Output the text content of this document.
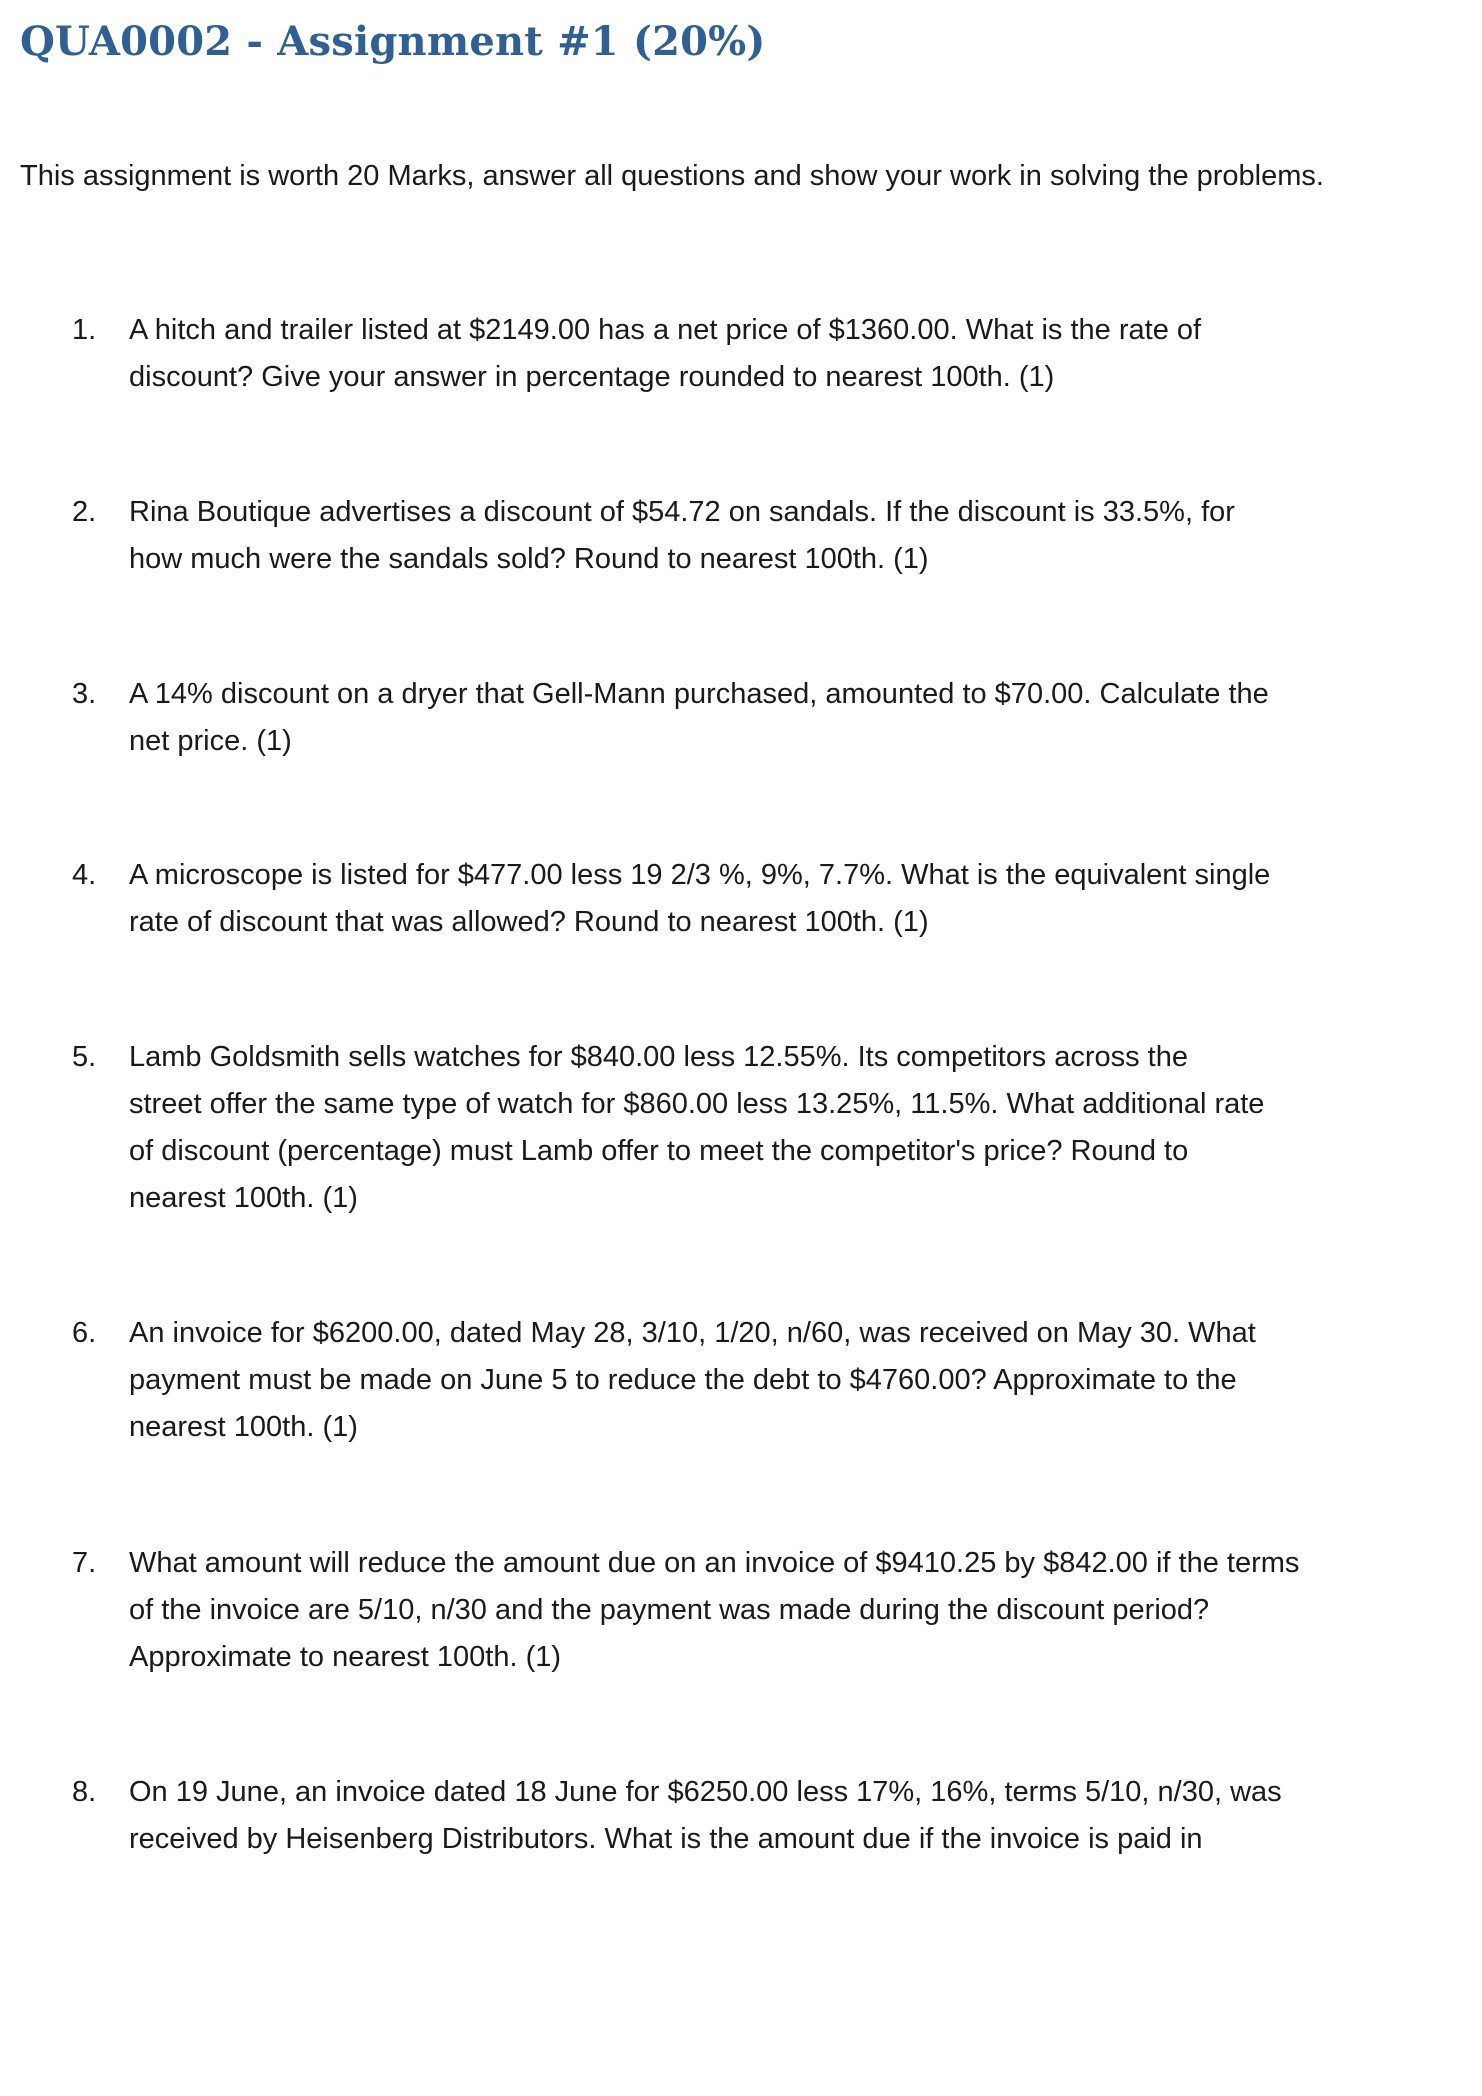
QUA0002 - Assignment #1 (20%)

This assignment is worth 20 Marks, answer all questions and show your work in solving the problems.

1. A hitch and trailer listed at $2149.00 has a net price of $1360.00. What is the rate of
discount? Give your answer in percentage rounded to nearest 100th. (1)

2. Rina Boutique advertises a discount of $54.72 on sandals. If the discount is 33.5%, for
how much were the sandals sold? Round to nearest 100th. (1)

3. A 14% discount on a dryer that Gell-Mann purchased, amounted to $70.00. Calculate the
net price. (1)

4. A microscope is listed for $477.00 less 19 2/3 %, 9%, 7.7%. What is the equivalent single
rate of discount that was allowed? Round to nearest 100th. (1)

5. Lamb Goldsmith sells watches for $840.00 less 12.55%. Its competitors across the
street offer the same type of watch for $860.00 less 13.25%, 11.5%. What additional rate
of discount (percentage) must Lamb offer to meet the competitor's price? Round to
nearest 100th. (1)

6. An invoice for $6200.00, dated May 28, 3/10, 1/20, n/60, was received on May 30. What
payment must be made on June 5 to reduce the debt to $4760.00? Approximate to the
nearest 100th. (1)

7. What amount will reduce the amount due on an invoice of $9410.25 by $842.00 if the terms
of the invoice are 5/10, n/30 and the payment was made during the discount period?
Approximate to nearest 100th. (1)

8. On 19 June, an invoice dated 18 June for $6250.00 less 17%, 16%, terms 5/10, n/30, was
received by Heisenberg Distributors. What is the amount due if the invoice is paid in
